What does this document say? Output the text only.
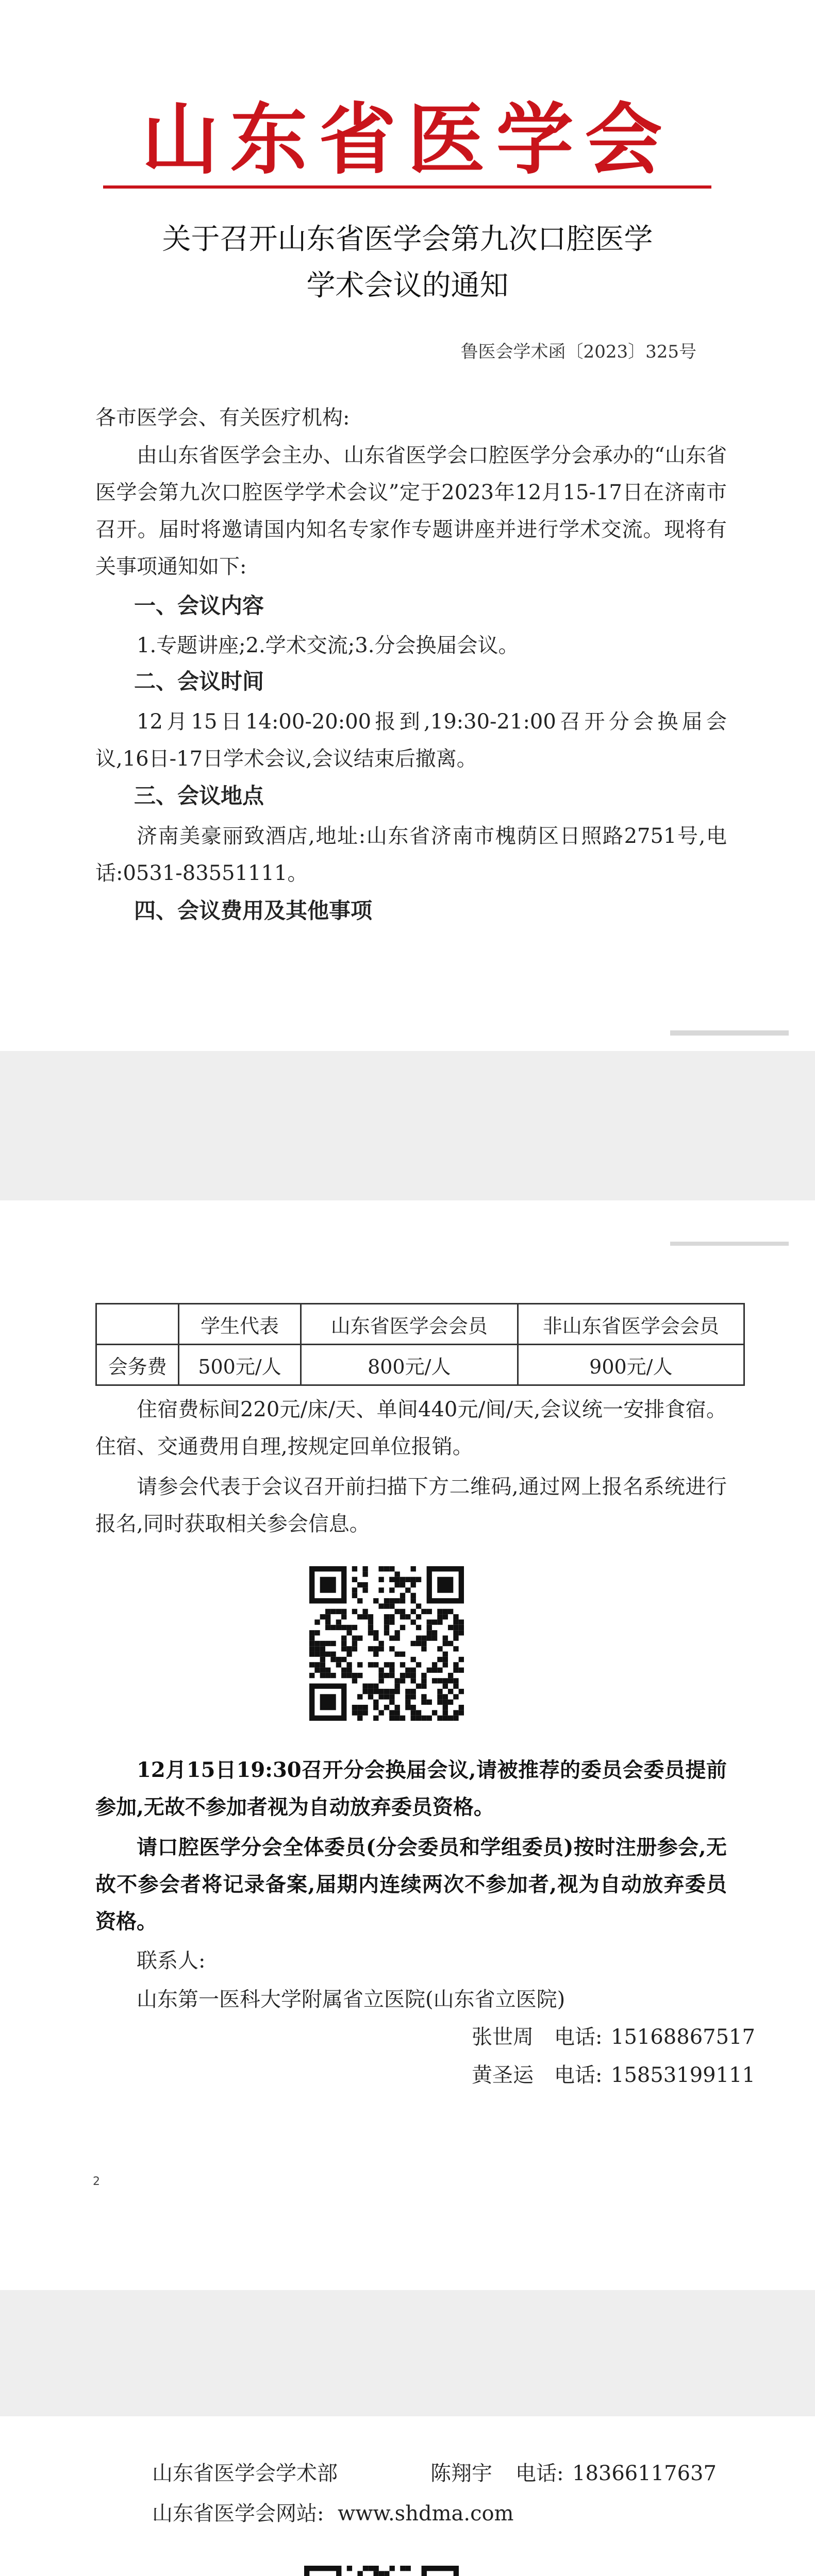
山东省医学会
关于召开山东省医学会第九次口腔医学
学术会议的通知
鲁医会学术函〔2023〕325号
各市医学会、有关医疗机构:

由山东省医学会主办、山东省医学会口腔医学分会承办的“山东省医学会第九次口腔医学学术会议”定于2023年12月15-17日在济南市召开。届时将邀请国内知名专家作专题讲座并进行学术交流。现将有关事项通知如下:

一、会议内容

1.专题讲座;2.学术交流;3.分会换届会议。

二、会议时间

12月15日14:00-20:00报到,19:30-21:00召开分会换届会议,16日-17日学术会议,会议结束后撤离。

三、会议地点

济南美豪丽致酒店,地址:山东省济南市槐荫区日照路2751号,电话:0531-83551111。

四、会议费用及其他事项
	学生代表	山东省医学会会员	非山东省医学会会员
会务费	500元/人	800元/人	900元/人

住宿费标间220元/床/天、单间440元/间/天,会议统一安排食宿。住宿、交通费用自理,按规定回单位报销。

请参会代表于会议召开前扫描下方二维码,通过网上报名系统进行报名,同时获取相关参会信息。

12月15日19:30召开分会换届会议,请被推荐的委员会委员提前参加,无故不参加者视为自动放弃委员资格。

请口腔医学分会全体委员(分会委员和学组委员)按时注册参会,无故不参会者将记录备案,届期内连续两次不参加者,视为自动放弃委员资格。

联系人:
山东第一医科大学附属省立医院(山东省立医院)
张世周 电话: 15168867517
黄圣运 电话: 15853199111
2
山东省医学会学术部	陈翔宇 电话: 18366117637
山东省医学会网站: www.shdma.com
